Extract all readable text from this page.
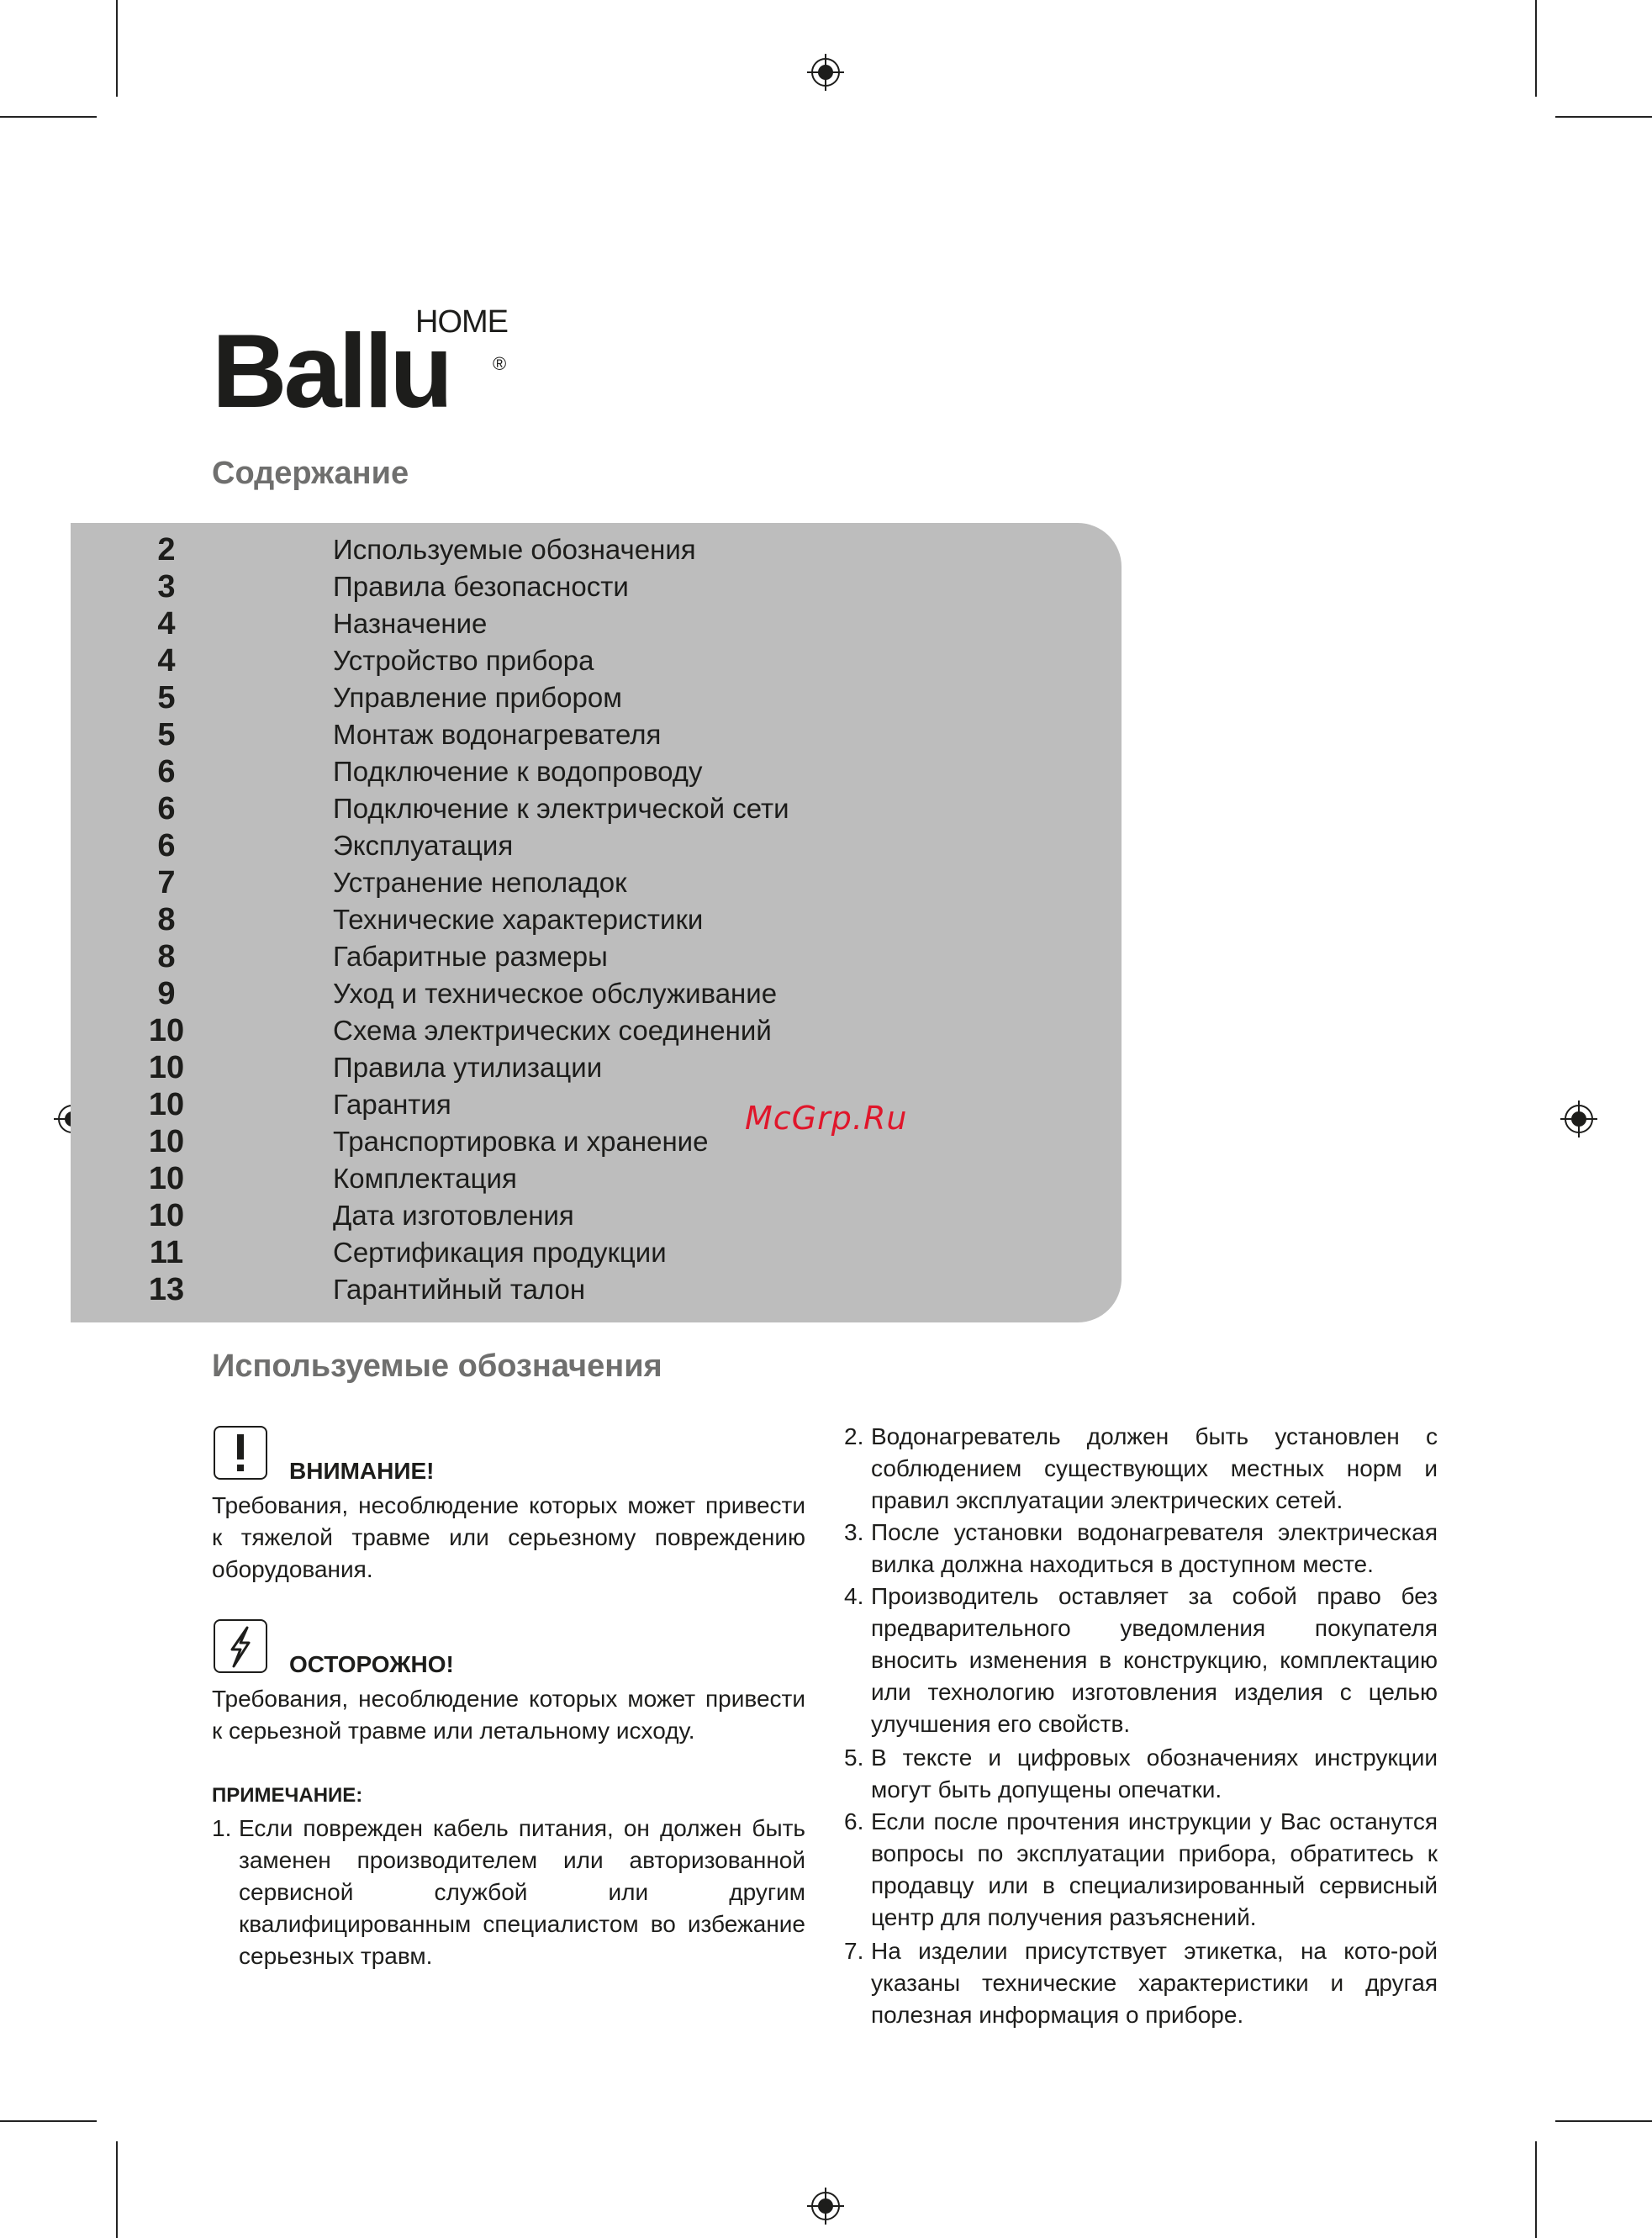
Ballu
HOME
®
Содержание
2	Используемые обозначения
3	Правила безопасности
4	Назначение
4	Устройство прибора
5	Управление прибором
5	Монтаж водонагревателя
6	Подключение к водопроводу
6	Подключение к электрической сети
6	Эксплуатация
7	Устранение неполадок
8	Технические характеристики
8	Габаритные размеры
9	Уход и техническое обслуживание
10	Схема электрических соединений
10	Правила утилизации
10	Гарантия
10	Транспортировка и хранение
10	Комплектация
10	Дата изготовления
11	Сертификация продукции
13	Гарантийный талон
McGrp.Ru
Используемые обозначения
ВНИМАНИЕ!
Требования, несоблюдение которых может привести к тяжелой травме или серьезному повреждению оборудования.
ОСТОРОЖНО!
Требования, несоблюдение которых может привести к серьезной травме или летальному исходу.
ПРИМЕЧАНИЕ:
1. Если поврежден кабель питания, он должен быть заменен производителем или авторизованной сервисной службой или другим квалифицированным специалистом во избежание серьезных травм.
2. Водонагреватель должен быть установлен с соблюдением существующих местных норм и правил эксплуатации электрических сетей.
3. После установки водонагревателя электрическая вилка должна находиться в доступном месте.
4. Производитель оставляет за собой право без предварительного уведомления покупателя вносить изменения в конструкцию, комплектацию или технологию изготовления изделия с целью улучшения его свойств.
5. В тексте и цифровых обозначениях инструкции могут быть допущены опечатки.
6. Если после прочтения инструкции у Вас останутся вопросы по эксплуатации прибора, обратитесь к продавцу или в специализированный сервисный центр для получения разъяснений.
7. На изделии присутствует этикетка, на кото-рой указаны технические характеристики и другая полезная информация о приборе.
